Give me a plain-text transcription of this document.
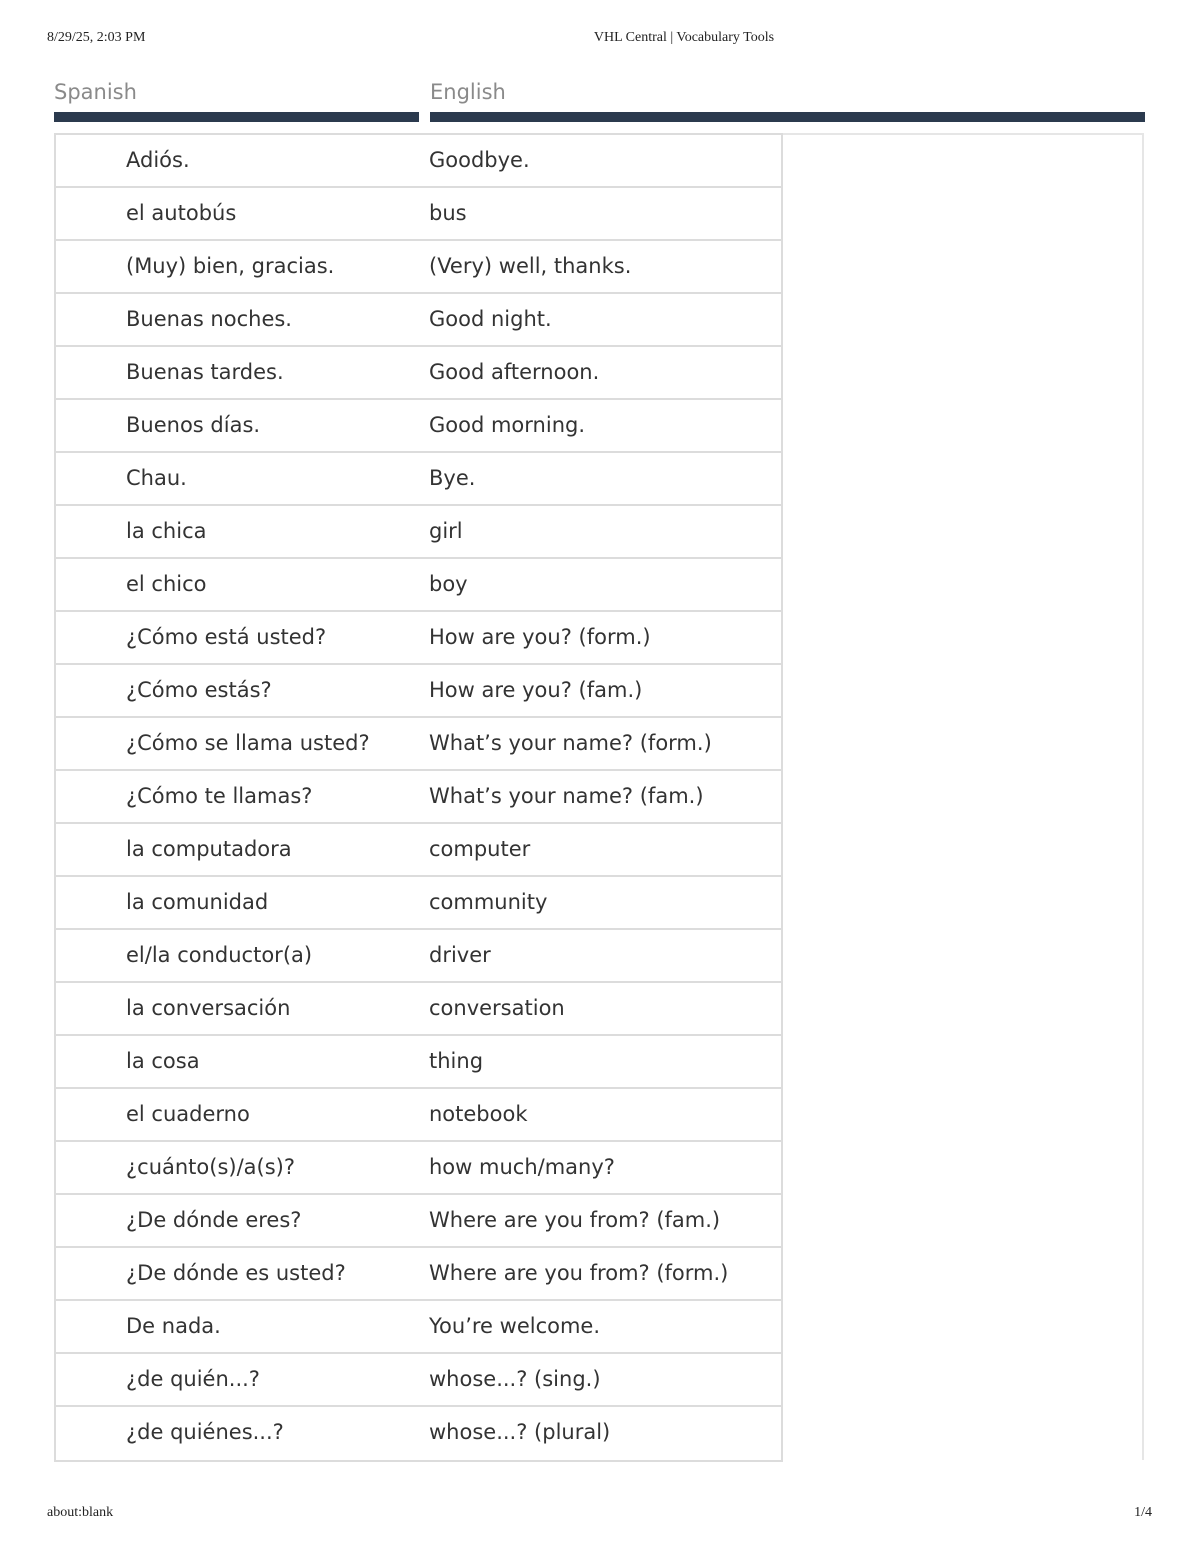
8/29/25, 2:03 PM	VHL Central | Vocabulary Tools
Spanish	English
Adiós.	Goodbye.
el autobús	bus
(Muy) bien, gracias.	(Very) well, thanks.
Buenas noches.	Good night.
Buenas tardes.	Good afternoon.
Buenos días.	Good morning.
Chau.	Bye.
la chica	girl
el chico	boy
¿Cómo está usted?	How are you? (form.)
¿Cómo estás?	How are you? (fam.)
¿Cómo se llama usted?	What’s your name? (form.)
¿Cómo te llamas?	What’s your name? (fam.)
la computadora	computer
la comunidad	community
el/la conductor(a)	driver
la conversación	conversation
la cosa	thing
el cuaderno	notebook
¿cuánto(s)/a(s)?	how much/many?
¿De dónde eres?	Where are you from? (fam.)
¿De dónde es usted?	Where are you from? (form.)
De nada.	You’re welcome.
¿de quién...?	whose...? (sing.)
¿de quiénes...?	whose...? (plural)
about:blank	1/4
